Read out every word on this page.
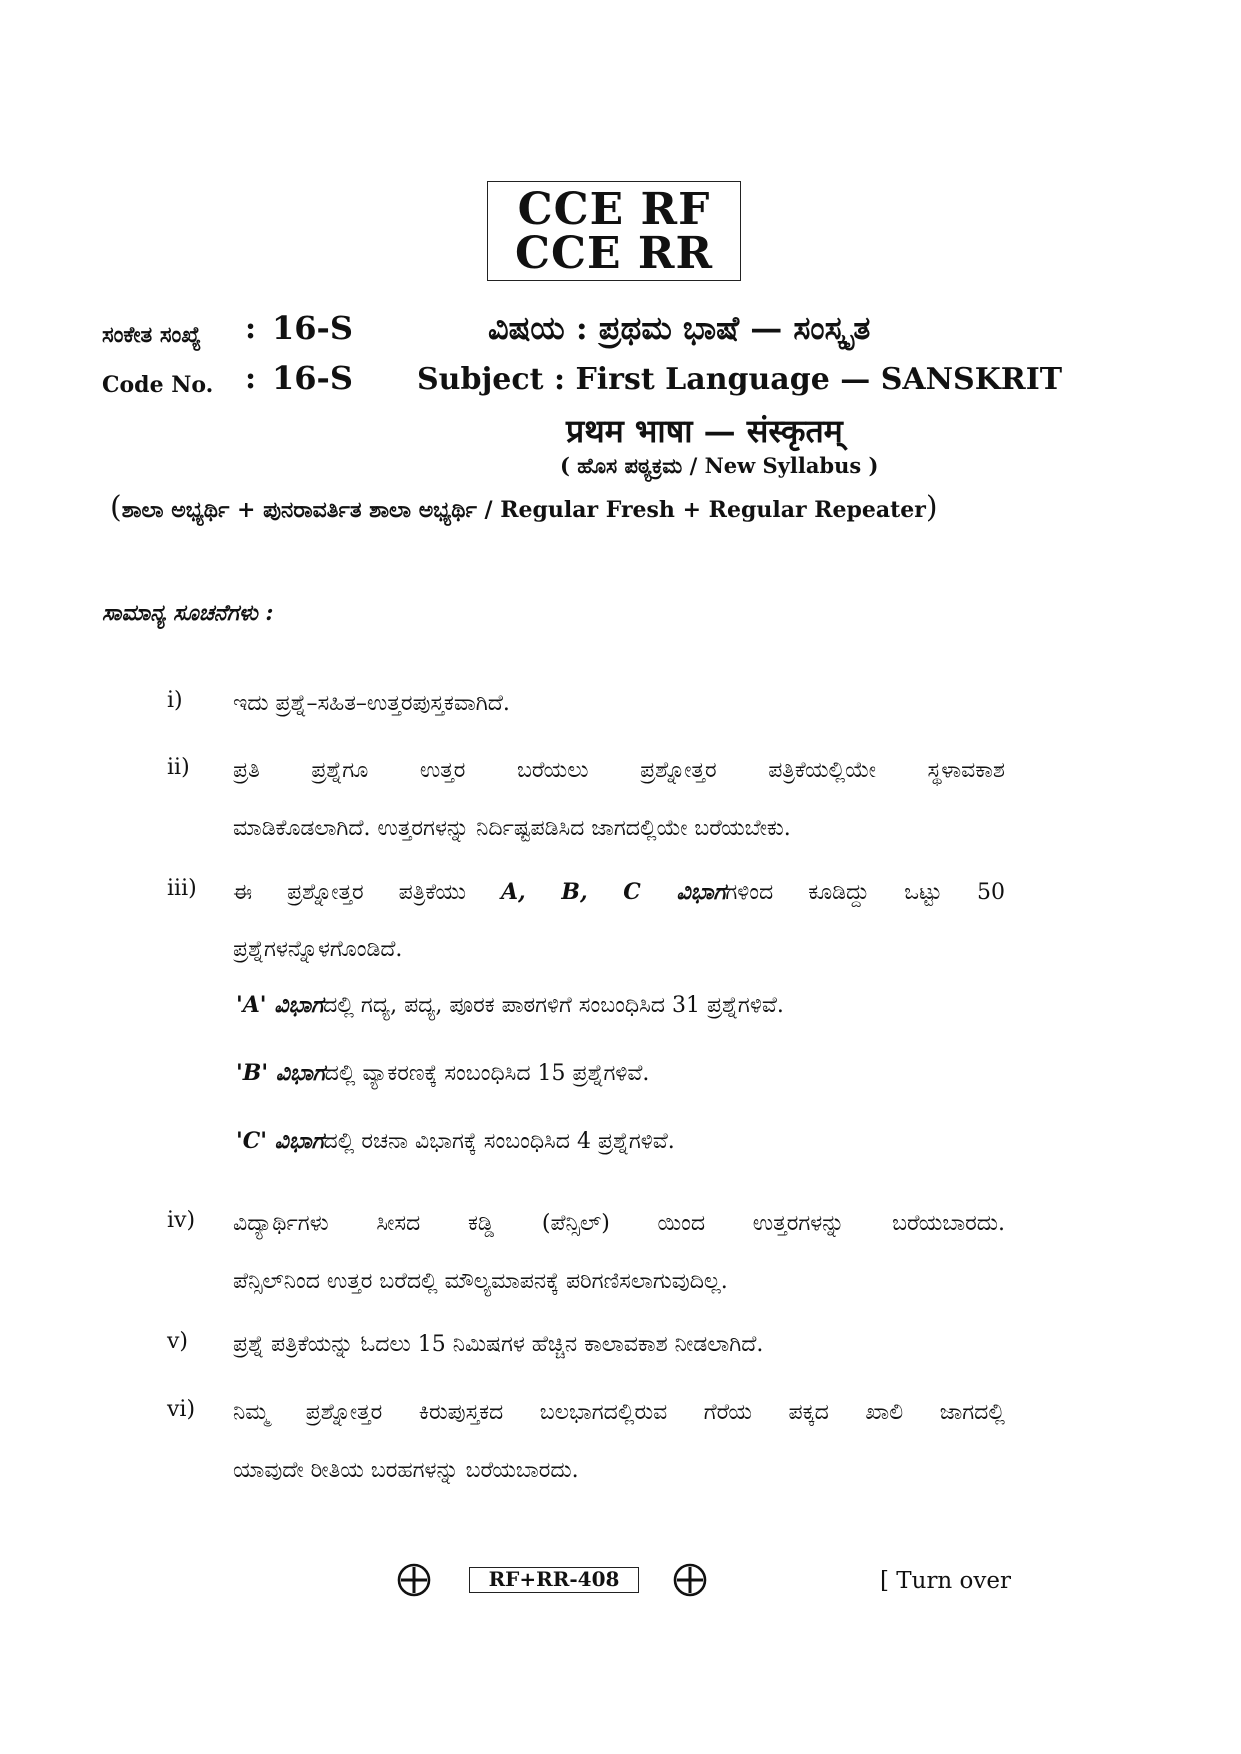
CCE RF
CCE RR
ಸಂಕೇತ ಸಂಖ್ಯೆ : 16-S
Code No. : 16-S
ವಿಷಯ : ಪ್ರಥಮ ಭಾಷೆ — ಸಂಸ್ಕೃತ
Subject : First Language — SANSKRIT
प्रथम भाषा — संस्कृतम्
( ಹೊಸ ಪಠ್ಯಕ್ರಮ / New Syllabus )
(ಶಾಲಾ ಅಭ್ಯರ್ಥಿ + ಪುನರಾವರ್ತಿತ ಶಾಲಾ ಅಭ್ಯರ್ಥಿ / Regular Fresh + Regular Repeater)
ಸಾಮಾನ್ಯ ಸೂಚನೆಗಳು :
i) ಇದು ಪ್ರಶ್ನೆ–ಸಹಿತ–ಉತ್ತರಪುಸ್ತಕವಾಗಿದೆ.
ii) ಪ್ರತಿ ಪ್ರಶ್ನೆಗೂ ಉತ್ತರ ಬರೆಯಲು ಪ್ರಶ್ನೋತ್ತರ ಪತ್ರಿಕೆಯಲ್ಲಿಯೇ ಸ್ಥಳಾವಕಾಶ
ಮಾಡಿಕೊಡಲಾಗಿದೆ. ಉತ್ತರಗಳನ್ನು ನಿರ್ದಿಷ್ಟಪಡಿಸಿದ ಜಾಗದಲ್ಲಿಯೇ ಬರೆಯಬೇಕು.
iii) ಈ ಪ್ರಶ್ನೋತ್ತರ ಪತ್ರಿಕೆಯು A, B, C ವಿಭಾಗಗಳಿಂದ ಕೂಡಿದ್ದು ಒಟ್ಟು 50
ಪ್ರಶ್ನೆಗಳನ್ನೊಳಗೊಂಡಿದೆ.
'A' ವಿಭಾಗದಲ್ಲಿ ಗದ್ಯ, ಪದ್ಯ, ಪೂರಕ ಪಾಠಗಳಿಗೆ ಸಂಬಂಧಿಸಿದ 31 ಪ್ರಶ್ನೆಗಳಿವೆ.
'B' ವಿಭಾಗದಲ್ಲಿ ವ್ಯಾಕರಣಕ್ಕೆ ಸಂಬಂಧಿಸಿದ 15 ಪ್ರಶ್ನೆಗಳಿವೆ.
'C' ವಿಭಾಗದಲ್ಲಿ ರಚನಾ ವಿಭಾಗಕ್ಕೆ ಸಂಬಂಧಿಸಿದ 4 ಪ್ರಶ್ನೆಗಳಿವೆ.
iv) ವಿದ್ಯಾರ್ಥಿಗಳು ಸೀಸದ ಕಡ್ಡಿ (ಪೆನ್ಸಿಲ್) ಯಿಂದ ಉತ್ತರಗಳನ್ನು ಬರೆಯಬಾರದು.
ಪೆನ್ಸಿಲ್‌ನಿಂದ ಉತ್ತರ ಬರೆದಲ್ಲಿ ಮೌಲ್ಯಮಾಪನಕ್ಕೆ ಪರಿಗಣಿಸಲಾಗುವುದಿಲ್ಲ.
v) ಪ್ರಶ್ನೆ ಪತ್ರಿಕೆಯನ್ನು ಓದಲು 15 ನಿಮಿಷಗಳ ಹೆಚ್ಚಿನ ಕಾಲಾವಕಾಶ ನೀಡಲಾಗಿದೆ.
vi) ನಿಮ್ಮ ಪ್ರಶ್ನೋತ್ತರ ಕಿರುಪುಸ್ತಕದ ಬಲಭಾಗದಲ್ಲಿರುವ ಗೆರೆಯ ಪಕ್ಕದ ಖಾಲಿ ಜಾಗದಲ್ಲಿ
ಯಾವುದೇ ರೀತಿಯ ಬರಹಗಳನ್ನು ಬರೆಯಬಾರದು.
RF+RR-408	[ Turn over
